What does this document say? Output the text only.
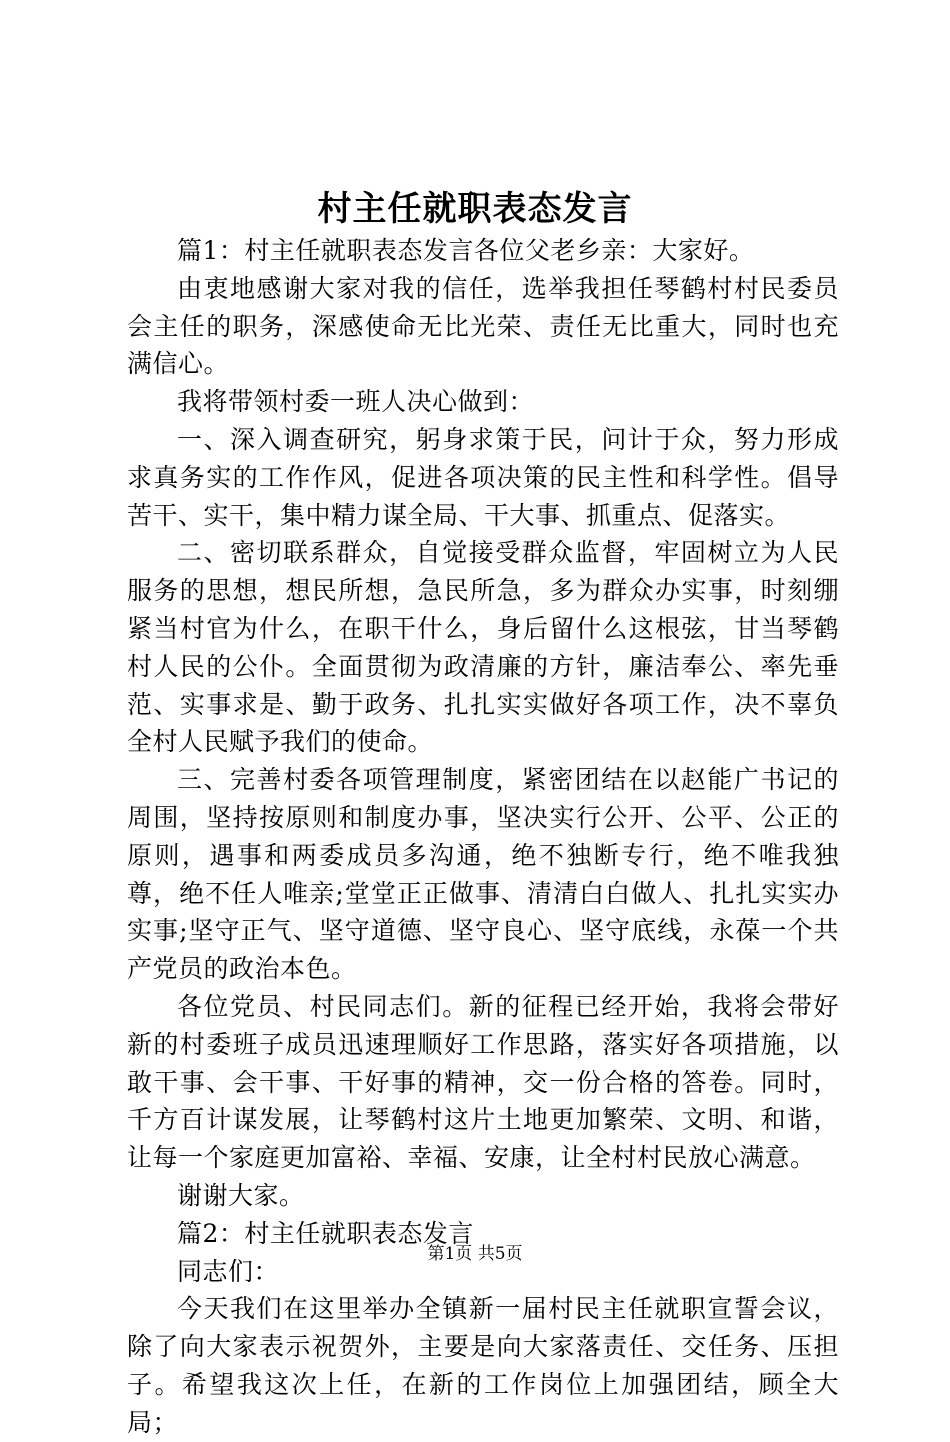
村主任就职表态发言

篇1：村主任就职表态发言各位父老乡亲：大家好。

由衷地感谢大家对我的信任，选举我担任琴鹤村村民委员会主任的职务，深感使命无比光荣、责任无比重大，同时也充满信心。

我将带领村委一班人决心做到：

一、深入调查研究，躬身求策于民，问计于众，努力形成求真务实的工作作风，促进各项决策的民主性和科学性。倡导苦干、实干，集中精力谋全局、干大事、抓重点、促落实。

二、密切联系群众，自觉接受群众监督，牢固树立为人民服务的思想，想民所想，急民所急，多为群众办实事，时刻绷紧当村官为什么，在职干什么，身后留什么这根弦，甘当琴鹤村人民的公仆。全面贯彻为政清廉的方针，廉洁奉公、率先垂范、实事求是、勤于政务、扎扎实实做好各项工作，决不辜负全村人民赋予我们的使命。

三、完善村委各项管理制度，紧密团结在以赵能广书记的周围，坚持按原则和制度办事，坚决实行公开、公平、公正的原则，遇事和两委成员多沟通，绝不独断专行，绝不唯我独尊，绝不任人唯亲;堂堂正正做事、清清白白做人、扎扎实实办实事;坚守正气、坚守道德、坚守良心、坚守底线，永葆一个共产党员的政治本色。

各位党员、村民同志们。新的征程已经开始，我将会带好新的村委班子成员迅速理顺好工作思路，落实好各项措施，以敢干事、会干事、干好事的精神，交一份合格的答卷。同时，千方百计谋发展，让琴鹤村这片土地更加繁荣、文明、和谐，让每一个家庭更加富裕、幸福、安康，让全村村民放心满意。

谢谢大家。

篇2：村主任就职表态发言

同志们：

今天我们在这里举办全镇新一届村民主任就职宣誓会议，除了向大家表示祝贺外，主要是向大家落责任、交任务、压担子。希望我这次上任，在新的工作岗位上加强团结，顾全大局；

第1页 共5页
